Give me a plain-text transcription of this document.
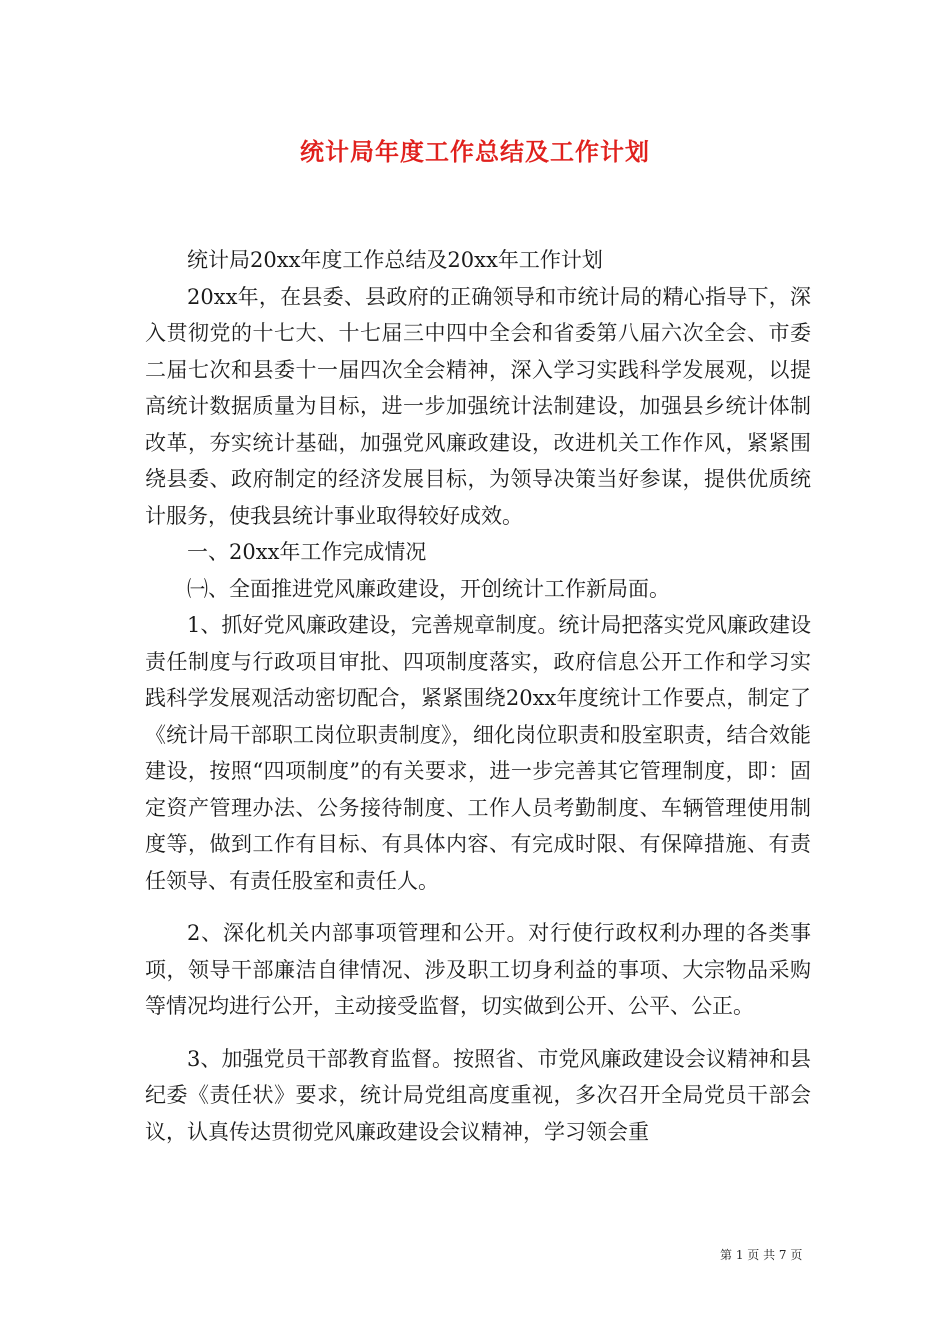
统计局年度工作总结及工作计划

统计局20xx年度工作总结及20xx年工作计划

20xx年，在县委、县政府的正确领导和市统计局的精心指导下，深入贯彻党的十七大、十七届三中四中全会和省委第八届六次全会、市委二届七次和县委十一届四次全会精神，深入学习实践科学发展观，以提高统计数据质量为目标，进一步加强统计法制建设，加强县乡统计体制改革，夯实统计基础，加强党风廉政建设，改进机关工作作风，紧紧围绕县委、政府制定的经济发展目标，为领导决策当好参谋，提供优质统计服务，使我县统计事业取得较好成效。

一、20xx年工作完成情况

㈠、全面推进党风廉政建设，开创统计工作新局面。

1、抓好党风廉政建设，完善规章制度。统计局把落实党风廉政建设责任制度与行政项目审批、四项制度落实，政府信息公开工作和学习实践科学发展观活动密切配合，紧紧围绕20xx年度统计工作要点，制定了《统计局干部职工岗位职责制度》，细化岗位职责和股室职责，结合效能建设，按照“四项制度”的有关要求，进一步完善其它管理制度，即：固定资产管理办法、公务接待制度、工作人员考勤制度、车辆管理使用制度等，做到工作有目标、有具体内容、有完成时限、有保障措施、有责任领导、有责任股室和责任人。

2、深化机关内部事项管理和公开。对行使行政权利办理的各类事项，领导干部廉洁自律情况、涉及职工切身利益的事项、大宗物品采购等情况均进行公开，主动接受监督，切实做到公开、公平、公正。

3、加强党员干部教育监督。按照省、市党风廉政建设会议精神和县纪委《责任状》要求，统计局党组高度重视，多次召开全局党员干部会议，认真传达贯彻党风廉政建设会议精神，学习领会重

第 1 页 共 7 页
